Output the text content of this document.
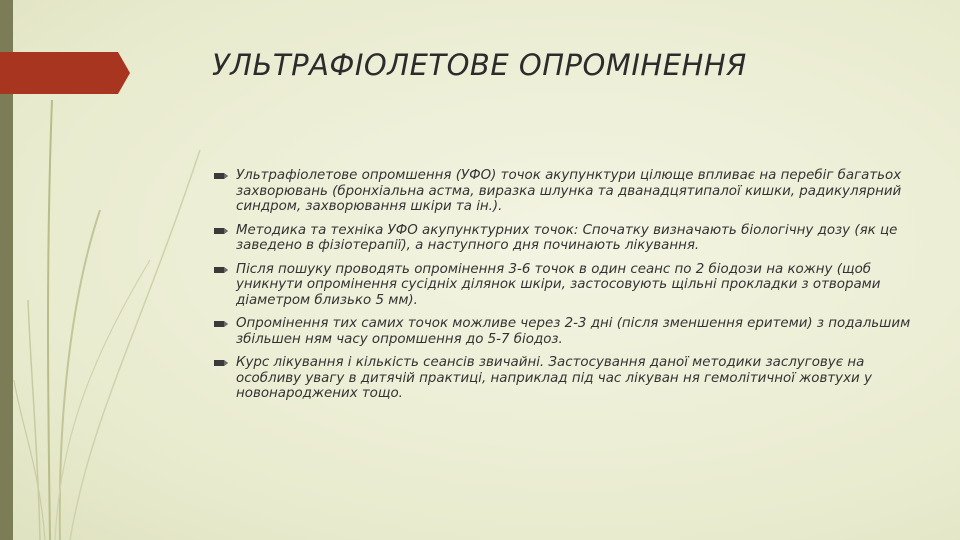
УЛЬТРАФІОЛЕТОВЕ ОПРОМІНЕННЯ
Ультрафіолетове опромшення (УФО) точок акупунктури цілюще впливає на перебіг багатьох захворювань (бронхіальна астма, виразка шлунка та дванадцятипалої кишки, радикулярний синдром, захворювання шкіри та ін.).
Методика та техніка УФО акупунктурних точок: Спочатку визначають біологічну дозу (як це заведено в фізіотерапії), а наступного дня починають лікування.
Після пошуку проводять опромінення 3-6 точок в один сеанс по 2 біодози на кожну (щоб уникнути опромінення сусідніх ділянок шкіри, застосовують щільні прокладки з отворами діаметром близько 5 мм).
Опромінення тих самих точок можливе через 2-3 дні (після зменшення еритеми) з подальшим збільшен ням часу опромшення до 5-7 біодоз.
Курс лікування і кількість сеансів звичайні. Застосування даної методики заслуговує на особливу увагу в дитячій практиці, наприклад під час лікуван ня гемолітичної жовтухи у новонароджених тощо.
